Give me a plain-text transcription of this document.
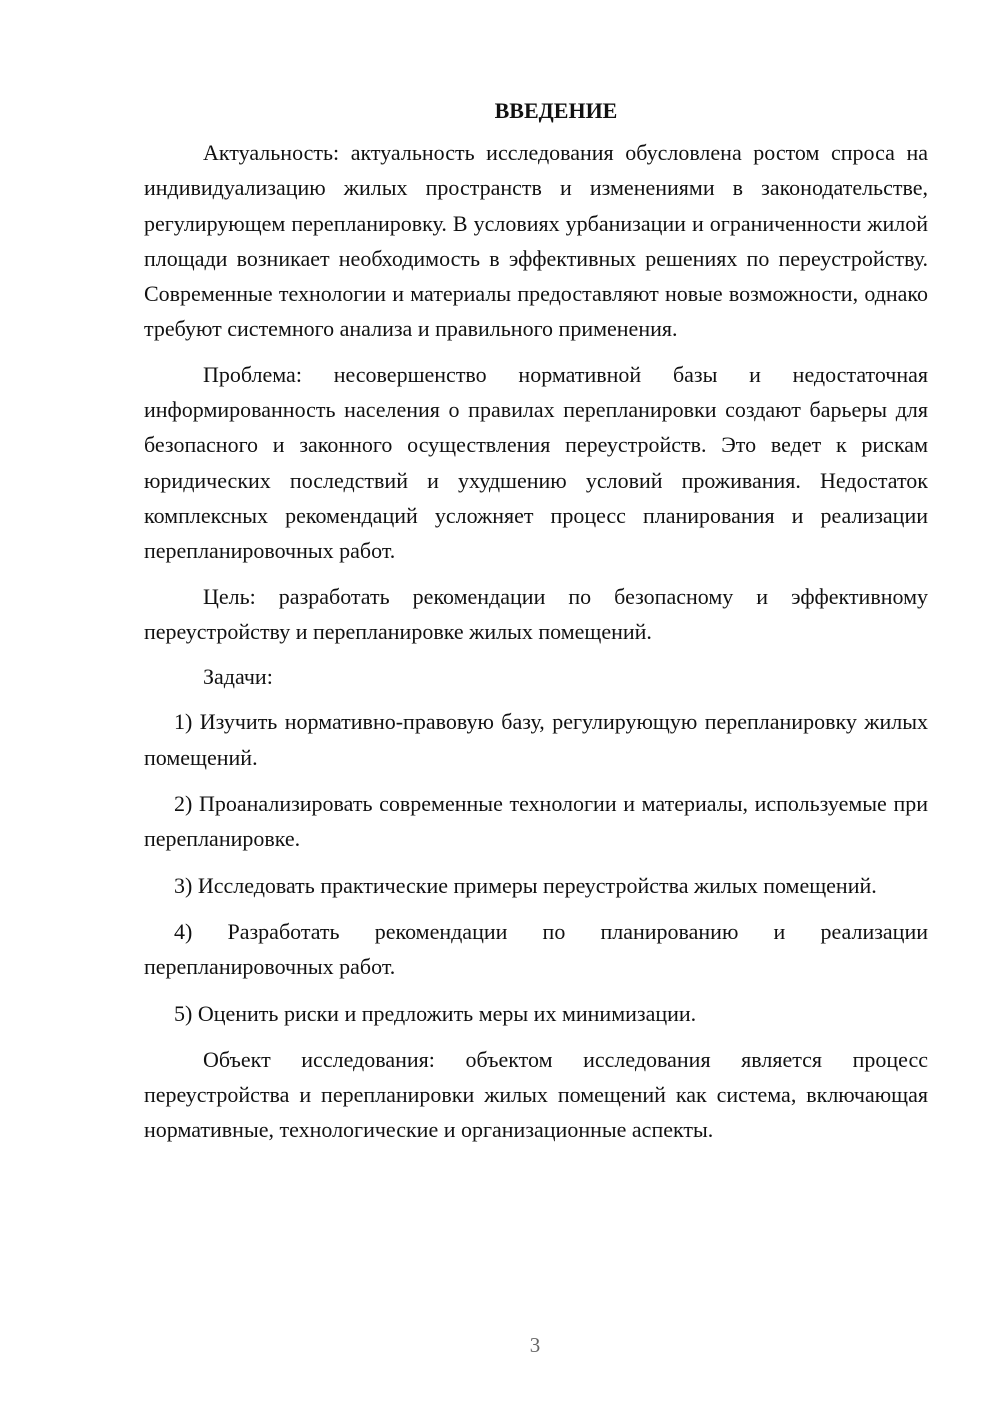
ВВЕДЕНИЕ

Актуальность: актуальность исследования обусловлена ростом спроса на индивидуализацию жилых пространств и изменениями в законодательстве, регулирующем перепланировку. В условиях урбанизации и ограниченности жилой площади возникает необходимость в эффективных решениях по переустройству. Современные технологии и материалы предоставляют новые возможности, однако требуют системного анализа и правильного применения.

Проблема: несовершенство нормативной базы и недостаточная информированность населения о правилах перепланировки создают барьеры для безопасного и законного осуществления переустройств. Это ведет к рискам юридических последствий и ухудшению условий проживания. Недостаток комплексных рекомендаций усложняет процесс планирования и реализации перепланировочных работ.

Цель: разработать рекомендации по безопасному и эффективному переустройству и перепланировке жилых помещений.

Задачи:

1) Изучить нормативно-правовую базу, регулирующую перепланировку жилых помещений.

2) Проанализировать современные технологии и материалы, используемые при перепланировке.

3) Исследовать практические примеры переустройства жилых помещений.

4) Разработать рекомендации по планированию и реализации перепланировочных работ.

5) Оценить риски и предложить меры их минимизации.

Объект исследования: объектом исследования является процесс переустройства и перепланировки жилых помещений как система, включающая нормативные, технологические и организационные аспекты.

3
